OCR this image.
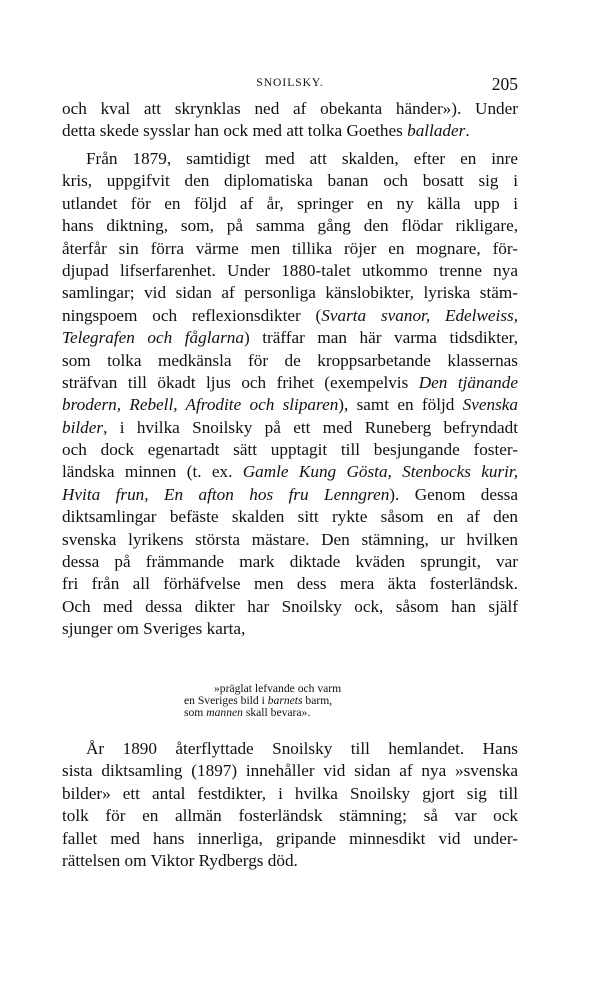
SNOILSKY.	205
och kval att skrynklas ned af obekanta händer»). Under
detta skede sysslar han ock med att tolka Goethes ballader.
Från 1879, samtidigt med att skalden, efter en inre
kris, uppgifvit den diplomatiska banan och bosatt sig i
utlandet för en följd af år, springer en ny källa upp i
hans diktning, som, på samma gång den flödar rikligare,
återfår sin förra värme men tillika röjer en mognare, för-
djupad lifserfarenhet. Under 1880-talet utkommo trenne nya
samlingar; vid sidan af personliga känslobikter, lyriska stäm-
ningspoem och reflexionsdikter (Svarta svanor, Edelweiss,
Telegrafen och fåglarna) träffar man här varma tidsdikter,
som tolka medkänsla för de kroppsarbetande klassernas
sträfvan till ökadt ljus och frihet (exempelvis Den tjänande
brodern, Rebell, Afrodite och sliparen), samt en följd Svenska
bilder, i hvilka Snoilsky på ett med Runeberg befryndadt
och dock egenartadt sätt upptagit till besjungande foster-
ländska minnen (t. ex. Gamle Kung Gösta, Stenbocks kurir,
Hvita frun, En afton hos fru Lenngren). Genom dessa
diktsamlingar befäste skalden sitt rykte såsom en af den
svenska lyrikens största mästare. Den stämning, ur hvilken
dessa på främmande mark diktade kväden sprungit, var
fri från all förhäfvelse men dess mera äkta fosterländsk.
Och med dessa dikter har Snoilsky ock, såsom han själf
sjunger om Sveriges karta,
»präglat lefvande och varm
en Sveriges bild i barnets barm,
som mannen skall bevara».
År 1890 återflyttade Snoilsky till hemlandet. Hans
sista diktsamling (1897) innehåller vid sidan af nya »svenska
bilder» ett antal festdikter, i hvilka Snoilsky gjort sig till
tolk för en allmän fosterländsk stämning; så var ock
fallet med hans innerliga, gripande minnesdikt vid under-
rättelsen om Viktor Rydbergs död.
